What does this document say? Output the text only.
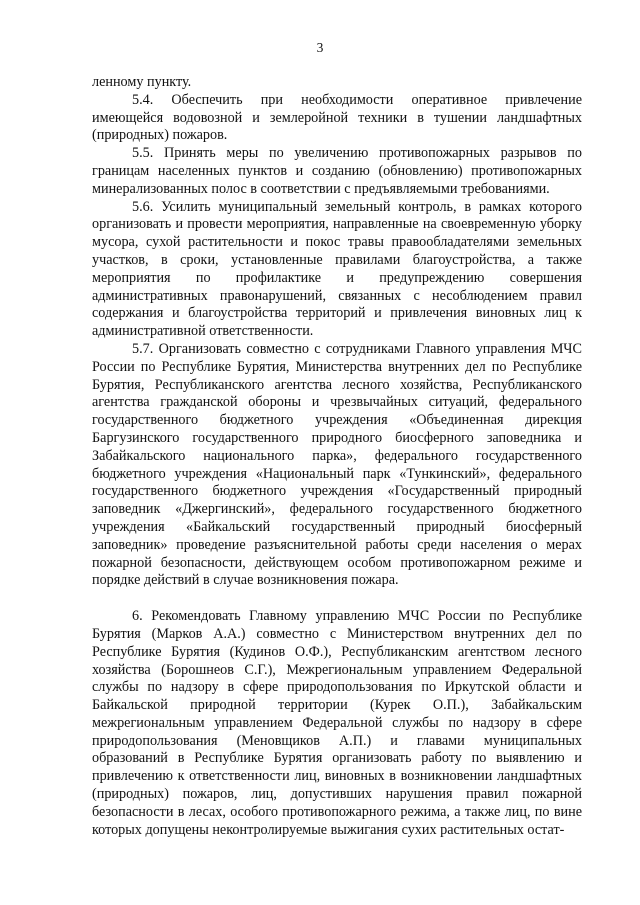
3

ленному пункту.

5.4. Обеспечить при необходимости оперативное привлечение имеющейся водовозной и землеройной техники в тушении ландшафтных (природных) пожаров.

5.5. Принять меры по увеличению противопожарных разрывов по границам населенных пунктов и созданию (обновлению) противопожарных минерализованных полос в соответствии с предъявляемыми требованиями.

5.6. Усилить муниципальный земельный контроль, в рамках которого организовать и провести мероприятия, направленные на своевременную уборку мусора, сухой растительности и покос травы правообладателями земельных участков, в сроки, установленные правилами благоустройства, а также мероприятия по профилактике и предупреждению совершения административных правонарушений, связанных с несоблюдением правил содержания и благоустройства территорий и привлечения виновных лиц к административной ответственности.

5.7. Организовать совместно с сотрудниками Главного управления МЧС России по Республике Бурятия, Министерства внутренних дел по Республике Бурятия, Республиканского агентства лесного хозяйства, Республиканского агентства гражданской обороны и чрезвычайных ситуаций, федерального государственного бюджетного учреждения «Объединенная дирекция Баргузинского государственного природного биосферного заповедника и Забайкальского национального парка», федерального государственного бюджетного учреждения «Национальный парк «Тункинский», федерального государственного бюджетного учреждения «Государственный природный заповедник «Джергинский», федерального государственного бюджетного учреждения «Байкальский государственный природный биосферный заповедник» проведение разъяснительной работы среди населения о мерах пожарной безопасности, действующем особом противопожарном режиме и порядке действий в случае возникновения пожара.

6. Рекомендовать Главному управлению МЧС России по Республике Бурятия (Марков А.А.) совместно с Министерством внутренних дел по Республике Бурятия (Кудинов О.Ф.), Республиканским агентством лесного хозяйства (Борошнеов С.Г.), Межрегиональным управлением Федеральной службы по надзору в сфере природопользования по Иркутской области и Байкальской природной территории (Курек О.П.), Забайкальским межрегиональным управлением Федеральной службы по надзору в сфере природопользования (Меновщиков А.П.) и главами муниципальных образований в Республике Бурятия организовать работу по выявлению и привлечению к ответственности лиц, виновных в возникновении ландшафтных (природных) пожаров, лиц, допустивших нарушения правил пожарной безопасности в лесах, особого противопожарного режима, а также лиц, по вине которых допущены неконтролируемые выжигания сухих растительных остат-
